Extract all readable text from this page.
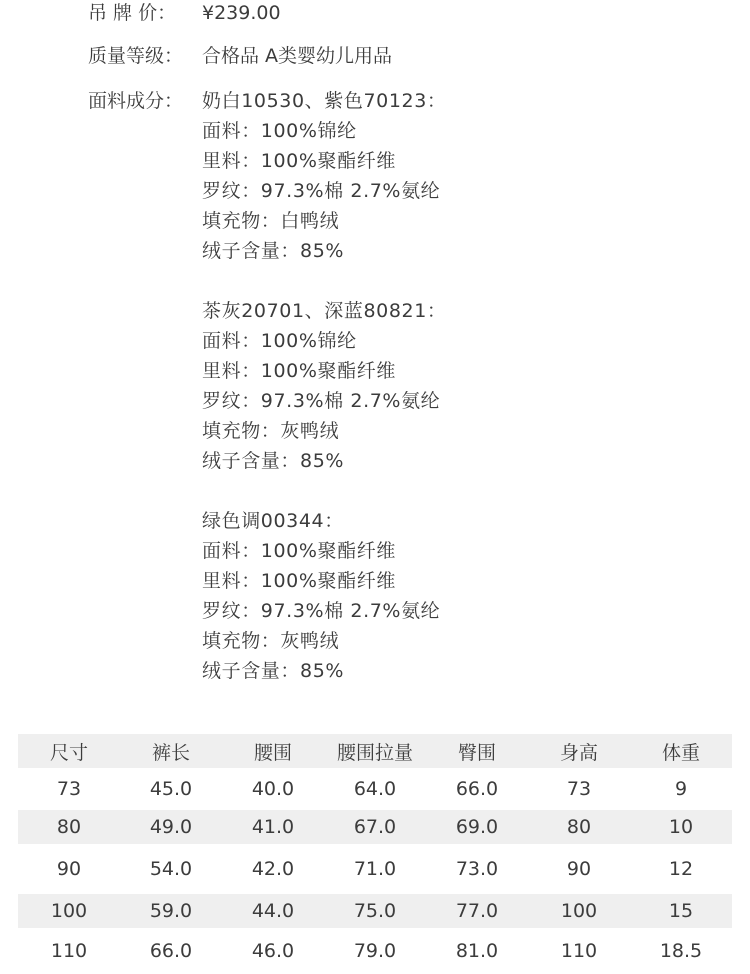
吊 牌 价： ¥239.00
质量等级： 合格品 A类婴幼儿用品
面料成分： 奶白10530、紫色70123：
面料：100%锦纶
里料：100%聚酯纤维
罗纹：97.3%棉 2.7%氨纶
填充物：白鸭绒
绒子含量：85%
茶灰20701、深蓝80821：
面料：100%锦纶
里料：100%聚酯纤维
罗纹：97.3%棉 2.7%氨纶
填充物：灰鸭绒
绒子含量：85%
绿色调00344：
面料：100%聚酯纤维
里料：100%聚酯纤维
罗纹：97.3%棉 2.7%氨纶
填充物：灰鸭绒
绒子含量：85%
尺寸	裤长	腰围	腰围拉量	臀围	身高	体重
73	45.0	40.0	64.0	66.0	73	9
80	49.0	41.0	67.0	69.0	80	10
90	54.0	42.0	71.0	73.0	90	12
100	59.0	44.0	75.0	77.0	100	15
110	66.0	46.0	79.0	81.0	110	18.5
